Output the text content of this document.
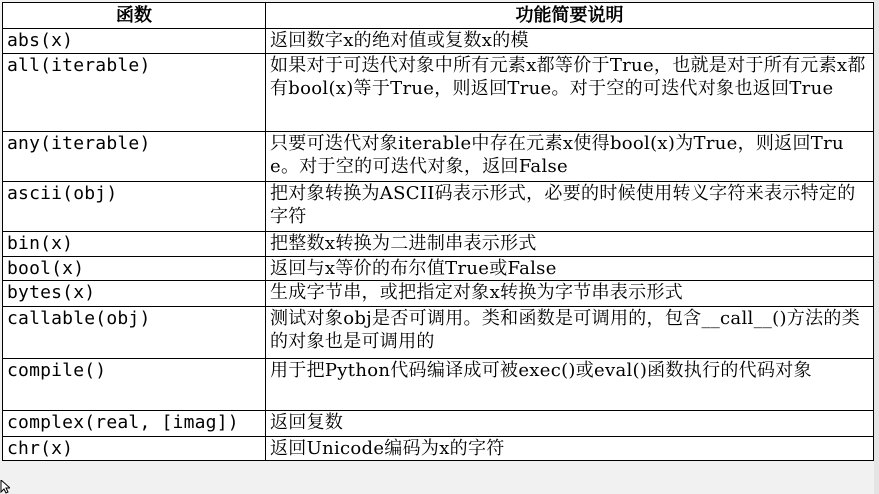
函数	功能简要说明
abs(x)	返回数字x的绝对值或复数x的模
all(iterable)	如果对于可迭代对象中所有元素x都等价于True，也就是对于所有元素x都有bool(x)等于True，则返回True。对于空的可迭代对象也返回True
any(iterable)	只要可迭代对象iterable中存在元素x使得bool(x)为True，则返回True。对于空的可迭代对象，返回False
ascii(obj)	把对象转换为ASCII码表示形式，必要的时候使用转义字符来表示特定的字符
bin(x)	把整数x转换为二进制串表示形式
bool(x)	返回与x等价的布尔值True或False
bytes(x)	生成字节串，或把指定对象x转换为字节串表示形式
callable(obj)	测试对象obj是否可调用。类和函数是可调用的，包含__call__()方法的类的对象也是可调用的
compile()	用于把Python代码编译成可被exec()或eval()函数执行的代码对象
complex(real, [imag])	返回复数
chr(x)	返回Unicode编码为x的字符
